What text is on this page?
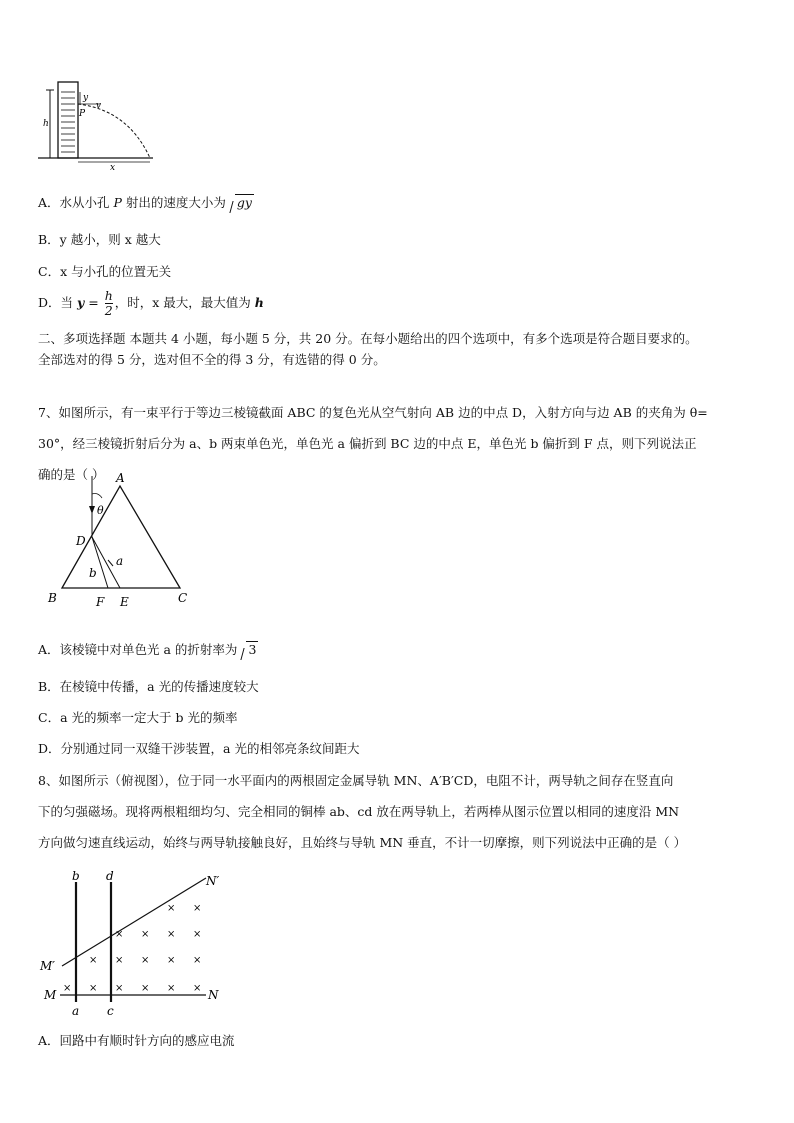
y
v
P
h
x
A．水从小孔 P 射出的速度大小为 gy
B．y 越小，则 x 越大
C．x 与小孔的位置无关
D．当 $y = \frac{h}{2}$ ，时，x 最大，最大值为 h
二、多项选择题 本题共 4 小题，每小题 5 分，共 20 分。在每小题给出的四个选项中，有多个选项是符合题目要求的。
全部选对的得 5 分，选对但不全的得 3 分，有选错的得 0 分。
7、如图所示，有一束平行于等边三棱镜截面 ABC 的复色光从空气射向 AB 边的中点 D，入射方向与边 AB 的夹角为 θ=
30°，经三棱镜折射后分为 a、b 两束单色光，单色光 a 偏折到 BC 边的中点 E，单色光 b 偏折到 F 点，则下列说法正
确的是（ ） A
θ
D
a
b
B	F E	C
A．该棱镜中对单色光 a 的折射率为 3
B．在棱镜中传播，a 光的传播速度较大
C．a 光的频率一定大于 b 光的频率
D．分别通过同一双缝干涉装置，a 光的相邻亮条纹间距大
8、如图所示（俯视图），位于同一水平面内的两根固定金属导轨 MN、A′B′CD，电阻不计，两导轨之间存在竖直向
下的匀强磁场。现将两根粗细均匀、完全相同的铜棒 ab、cd 放在两导轨上，若两棒从图示位置以相同的速度沿 MN
方向做匀速直线运动，始终与两导轨接触良好，且始终与导轨 MN 垂直，不计一切摩擦，则下列说法中正确的是（ ）
b d	N′
M′
M	N
a c
× ×
× × × ×
× × × × ×
× × × × × ×
A．回路中有顺时针方向的感应电流
